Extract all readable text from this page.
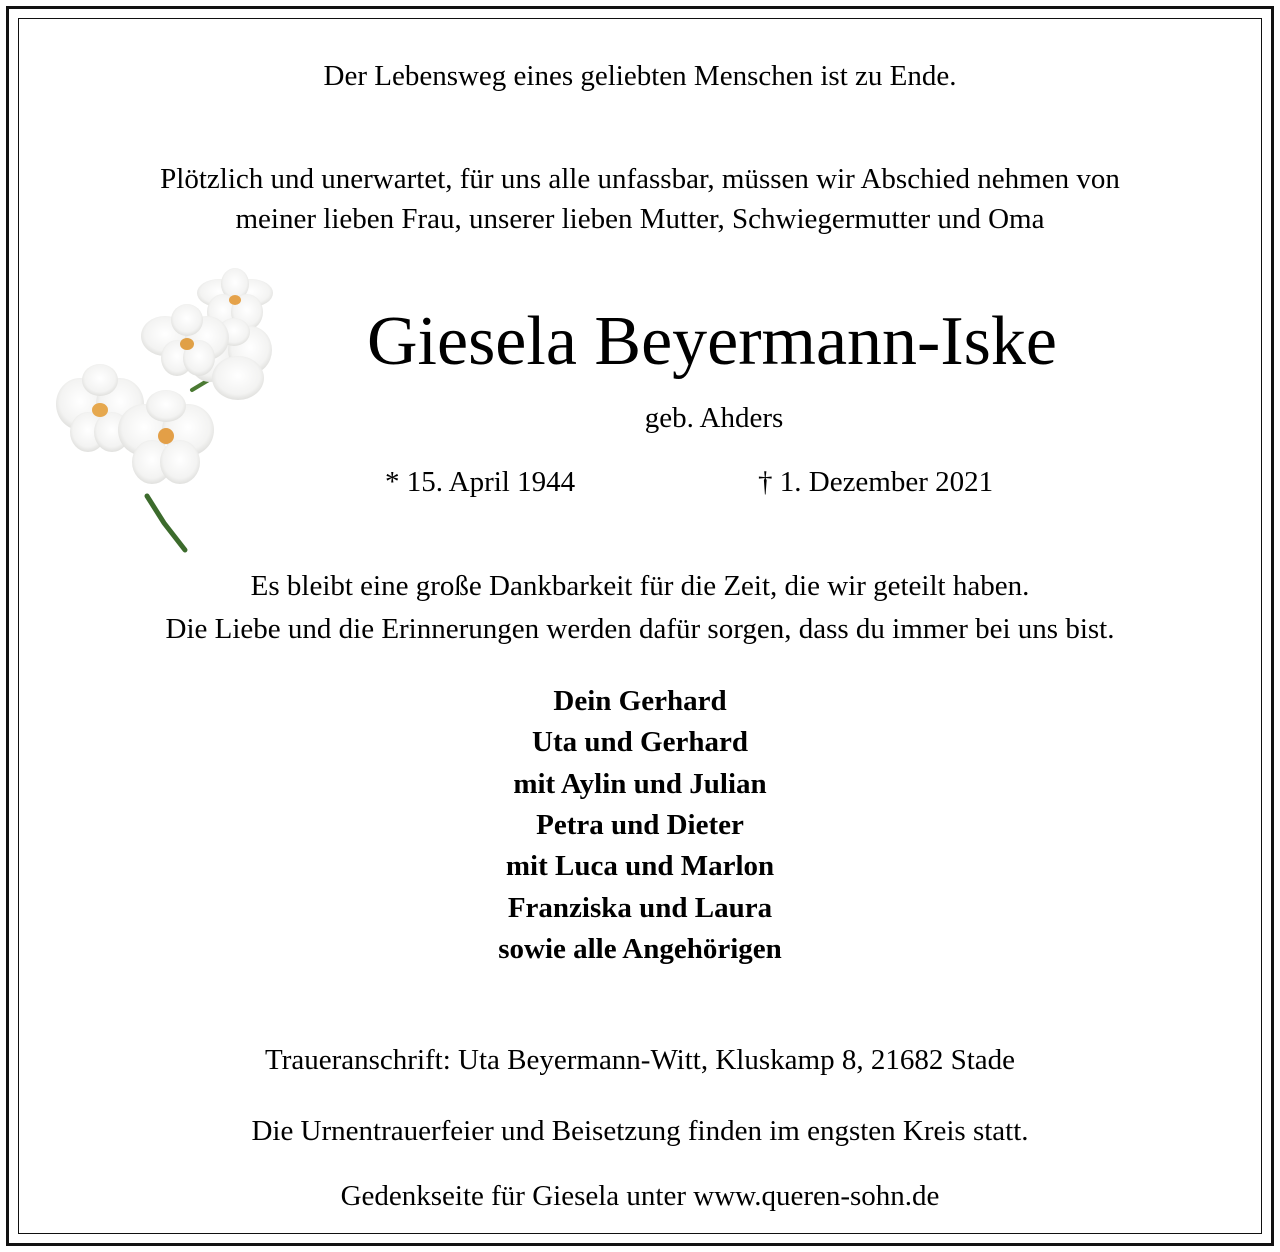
Der Lebensweg eines geliebten Menschen ist zu Ende.
Plötzlich und unerwartet, für uns alle unfassbar, müssen wir Abschied nehmen von
meiner lieben Frau, unserer lieben Mutter, Schwiegermutter und Oma
Giesela Beyermann-Iske
geb. Ahders
* 15. April 1944	† 1. Dezember 2021
Es bleibt eine große Dankbarkeit für die Zeit, die wir geteilt haben.
Die Liebe und die Erinnerungen werden dafür sorgen, dass du immer bei uns bist.
Dein Gerhard
Uta und Gerhard
mit Aylin und Julian
Petra und Dieter
mit Luca und Marlon
Franziska und Laura
sowie alle Angehörigen
Traueranschrift: Uta Beyermann-Witt, Kluskamp 8, 21682 Stade
Die Urnentrauerfeier und Beisetzung finden im engsten Kreis statt.
Gedenkseite für Giesela unter www.queren-sohn.de
